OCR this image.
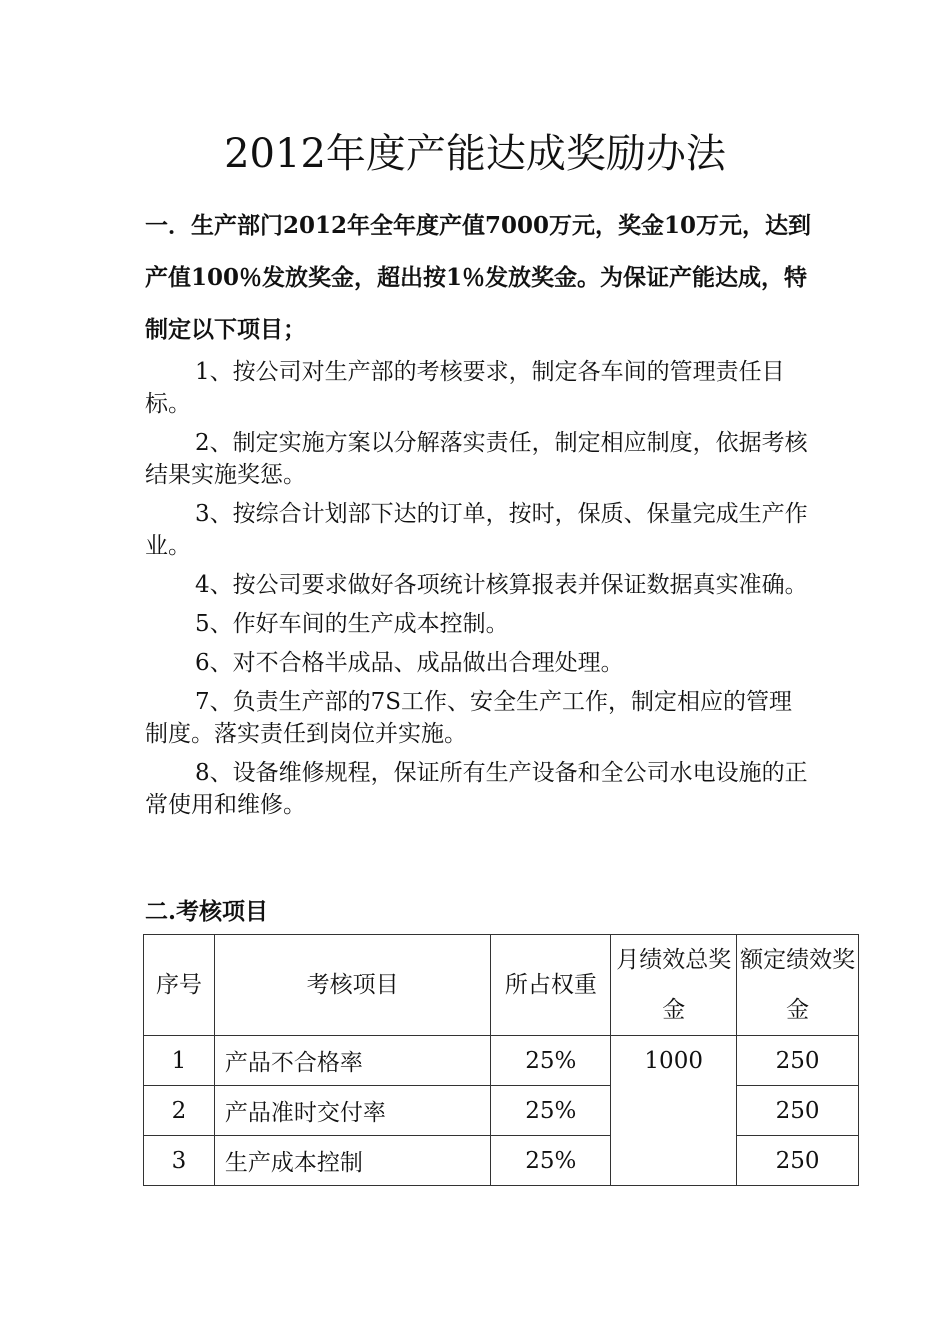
2012年度产能达成奖励办法

一．生产部门2012年全年度产值7000万元，奖金10万元，达到产值100％发放奖金，超出按1％发放奖金。为保证产能达成，特制定以下项目；

1、按公司对生产部的考核要求，制定各车间的管理责任目标。

2、制定实施方案以分解落实责任，制定相应制度，依据考核结果实施奖惩。

3、按综合计划部下达的订单，按时，保质、保量完成生产作业。

4、按公司要求做好各项统计核算报表并保证数据真实准确。

5、作好车间的生产成本控制。

6、对不合格半成品、成品做出合理处理。

7、负责生产部的7S工作、安全生产工作，制定相应的管理制度。落实责任到岗位并实施。

8、设备维修规程，保证所有生产设备和全公司水电设施的正常使用和维修。

二.考核项目

序号	考核项目	所占权重	月绩效总奖金	额定绩效奖金
1	产品不合格率	25%	1000	250
2	产品准时交付率	25%		250
3	生产成本控制	25%		250
